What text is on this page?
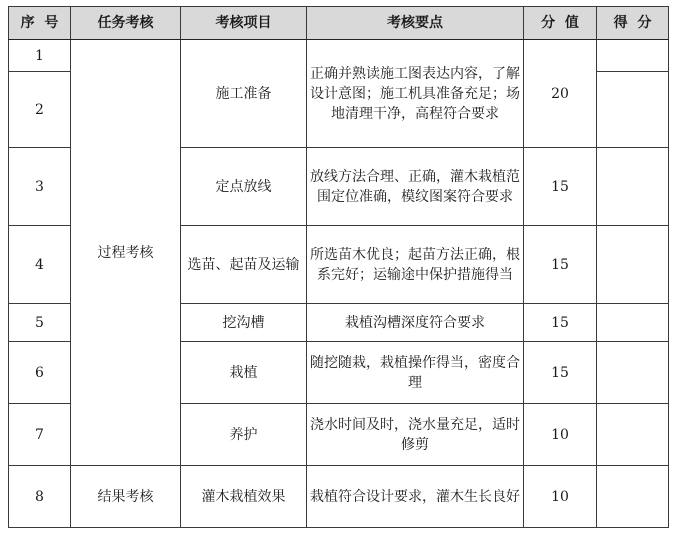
序  号	任务考核	考核项目	考核要点	分  值	得  分
1	过程考核	施工准备	正确并熟读施工图表达内容，了解设计意图；施工机具准备充足；场地清理干净，高程符合要求	20	
2					
3		定点放线	放线方法合理、正确，灌木栽植范围定位准确，模纹图案符合要求	15	
4		选苗、起苗及运输	所选苗木优良；起苗方法正确，根系完好；运输途中保护措施得当	15	
5		挖沟槽	栽植沟槽深度符合要求	15	
6		栽植	随挖随栽，栽植操作得当，密度合理	15	
7		养护	浇水时间及时，浇水量充足，适时修剪	10	
8	结果考核	灌木栽植效果	栽植符合设计要求，灌木生长良好	10	
